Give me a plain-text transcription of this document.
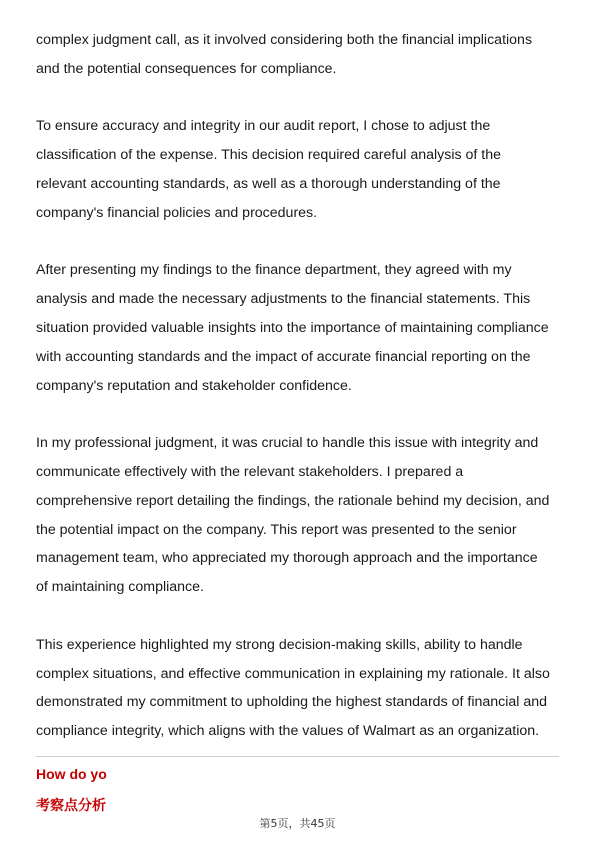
complex judgment call, as it involved considering both the financial implications
and the potential consequences for compliance.

To ensure accuracy and integrity in our audit report, I chose to adjust the
classification of the expense. This decision required careful analysis of the
relevant accounting standards, as well as a thorough understanding of the
company's financial policies and procedures.

After presenting my findings to the finance department, they agreed with my
analysis and made the necessary adjustments to the financial statements. This
situation provided valuable insights into the importance of maintaining compliance
with accounting standards and the impact of accurate financial reporting on the
company's reputation and stakeholder confidence.

In my professional judgment, it was crucial to handle this issue with integrity and
communicate effectively with the relevant stakeholders. I prepared a
comprehensive report detailing the findings, the rationale behind my decision, and
the potential impact on the company. This report was presented to the senior
management team, who appreciated my thorough approach and the importance
of maintaining compliance.

This experience highlighted my strong decision-making skills, ability to handle
complex situations, and effective communication in explaining my rationale. It also
demonstrated my commitment to upholding the highest standards of financial and
compliance integrity, which aligns with the values of Walmart as an organization.

How do yo
考察点分析
第5页，共45页
